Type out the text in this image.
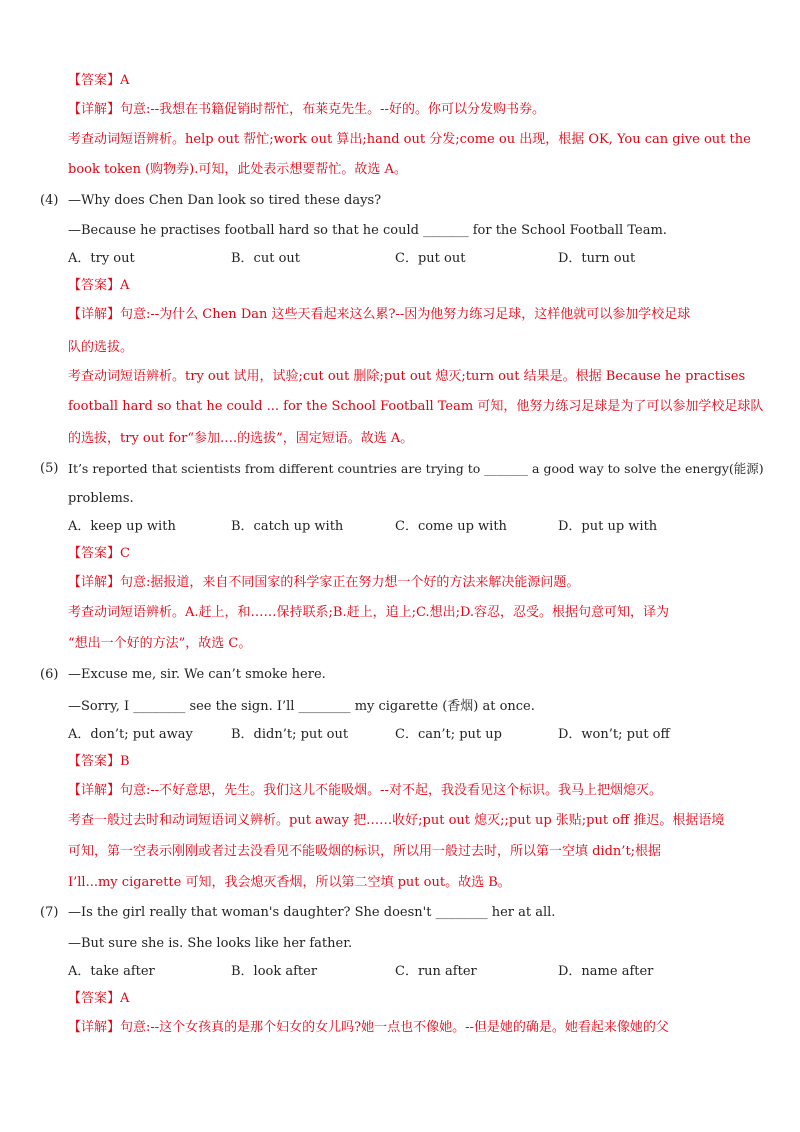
【答案】A
【详解】句意:--我想在书籍促销时帮忙，布莱克先生。--好的。你可以分发购书券。
考查动词短语辨析。help out 帮忙;work out 算出;hand out 分发;come ou 出现，根据 OK, You can give out the
book token (购物券).可知，此处表示想要帮忙。故选 A。
(4) —Why does Chen Dan look so tired these days?
—Because he practises football hard so that he could _______ for the School Football Team.
A．try out	B．cut out	C．put out	D．turn out
【答案】A
【详解】句意:--为什么 Chen Dan 这些天看起来这么累?--因为他努力练习足球，这样他就可以参加学校足球
队的选拔。
考查动词短语辨析。try out 试用，试验;cut out 删除;put out 熄灭;turn out 结果是。根据 Because he practises
football hard so that he could ... for the School Football Team 可知，他努力练习足球是为了可以参加学校足球队
的选拔，try out for“参加….的选拔”，固定短语。故选 A。
(5) It’s reported that scientists from different countries are trying to _______ a good way to solve the energy(能源)
problems.
A．keep up with	B．catch up with	C．come up with	D．put up with
【答案】C
【详解】句意:据报道，来自不同国家的科学家正在努力想一个好的方法来解决能源问题。
考查动词短语辨析。A.赶上，和……保持联系;B.赶上，追上;C.想出;D.容忍，忍受。根据句意可知，译为
“想出一个好的方法”，故选 C。
(6) —Excuse me, sir. We can’t smoke here.
—Sorry, I ________ see the sign. I’ll ________ my cigarette (香烟) at once.
A．don’t; put away	B．didn’t; put out	C．can’t; put up	D．won’t; put off
【答案】B
【详解】句意:--不好意思，先生。我们这儿不能吸烟。--对不起，我没看见这个标识。我马上把烟熄灭。
考查一般过去时和动词短语词义辨析。put away 把……收好;put out 熄灭;;put up 张贴;put off 推迟。根据语境
可知，第一空表示刚刚或者过去没看见不能吸烟的标识，所以用一般过去时，所以第一空填 didn’t;根据
I’ll...my cigarette 可知，我会熄灭香烟，所以第二空填 put out。故选 B。
(7) —Is the girl really that woman's daughter? She doesn't ________ her at all.
—But sure she is. She looks like her father.
A．take after	B．look after	C．run after	D．name after
【答案】A
【详解】句意:--这个女孩真的是那个妇女的女儿吗?她一点也不像她。--但是她的确是。她看起来像她的父
